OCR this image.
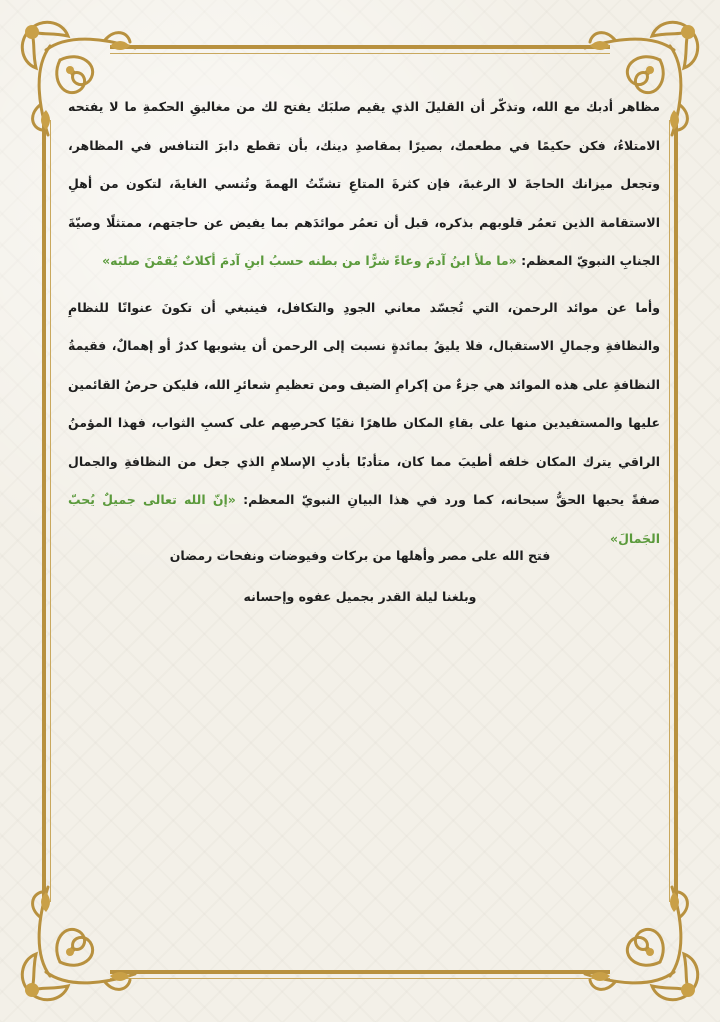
مظاهر أدبك مع الله، وتذكّر أن القليلَ الذي يقيم صلبَك يفتح لك من مغاليقِ الحكمةِ ما لا يفتحه الامتلاءُ، فكن حكيمًا في مطعمك، بصيرًا بمقاصدِ دينك، بأن تقطع دابرَ التنافس في المظاهر، وتجعل ميزانك الحاجةَ لا الرغبةَ، فإن كثرةَ المتاعِ تشتّتُ الهمةَ وتُنسي الغايةَ، لتكون من أهلِ الاستقامة الذين تعمُر قلوبهم بذكره، قبل أن تعمُر موائدَهم بما يفيض عن حاجتهم، ممتثلًا وصيّةَ الجنابِ النبويّ المعظم: «ما ملأ ابنُ آدمَ وعاءً شرًّا من بطنه حسبُ ابنِ آدمَ أكلاتٌ يُقمْنَ صلبَه»

وأما عن موائد الرحمن، التي تُجسّد معاني الجودِ والتكافل، فينبغي أن تكونَ عنوانًا للنظامِ والنظافةِ وجمالِ الاستقبال، فلا يليقُ بمائدةٍ نسبت إلى الرحمن أن يشوبها كدرٌ أو إهمالٌ، فقيمةُ النظافةِ على هذه الموائد هي جزءٌ من إكرامِ الضيف ومن تعظيمِ شعائرِ الله، فليكن حرصُ القائمين عليها والمستفيدين منها على بقاءِ المكان طاهرًا نقيًا كحرصِهم على كسبِ الثواب، فهذا المؤمنُ الراقي يترك المكان خلفه أطيبَ مما كان، متأدبًا بأدبِ الإسلامِ الذي جعل من النظافةِ والجمال صفةً يحبها الحقُّ سبحانه، كما ورد في هذا البيانِ النبويّ المعظم: «إنّ الله تعالى جميلٌ يُحبّ الجَمالَ»

فتح الله على مصر وأهلها من بركات وفيوضات ونفحات رمضان
وبلغنا ليلة القدر بجميل عفوه وإحسانه
